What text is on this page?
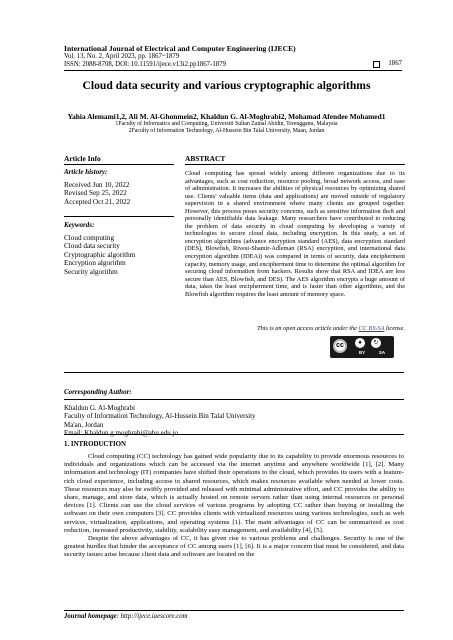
International Journal of Electrical and Computer Engineering (IJECE)
Vol. 13, No. 2, April 2023, pp. 1867~1879
ISSN: 2088-8708, DOI: 10.11591/ijece.v13i2.pp1867-1879	1867
Cloud data security and various cryptographic algorithms
Yahia Alemami1,2, Ali M. Al-Ghonmein2, Khaldun G. Al-Moghrabi2, Mohamad Afendee Mohamed1
1Faculty of Informatics and Computing, Universiti Sultan Zainal Abidin, Terengganu, Malaysia
2Faculty of Information Technology, Al-Hussein Bin Talal University, Maan, Jordan
Article Info
Article history:
Received Jun 10, 2022
Revised Sep 25, 2022
Accepted Oct 21, 2022
Keywords:
Cloud computing
Cloud data security
Cryptographic algorithm
Encryption algorithm
Security algorithm
ABSTRACT
Cloud computing has spread widely among different organizations due to its advantages, such as cost reduction, resource pooling, broad network access, and ease of administration. It increases the abilities of physical resources by optimizing shared use. Clients' valuable items (data and applications) are moved outside of regulatory supervision in a shared environment where many clients are grouped together. However, this process poses security concerns, such as sensitive information theft and personally identifiable data leakage. Many researchers have contributed to reducing the problem of data security in cloud computing by developing a variety of technologies to secure cloud data, including encryption. In this study, a set of encryption algorithms (advance encryption standard (AES), data encryption standard (DES), Blowfish, Rivest-Shamir-Adleman (RSA) encryption, and international data encryption algorithm (IDEA)) was compared in terms of security, data encipherment capacity, memory usage, and encipherment time to determine the optimal algorithm for securing cloud information from hackers. Results show that RSA and IDEA are less secure than AES, Blowfish, and DES). The AES algorithm encrypts a huge amount of data, takes the least encipherment time, and is faster than other algorithms, and the Blowfish algorithm requires the least amount of memory space.
This is an open access article under the CC BY-SA license.
cc	●	↻
BY	SA
Corresponding Author:
Khaldun G. Al-Moghrabi
Faculty of Information Technology, Al-Hussein Bin Talal University
Ma'an, Jordan
Email: Khaldun.g.moghrabi@ahu.edu.jo
1. INTRODUCTION

Cloud computing (CC) technology has gained wide popularity due to its capability to provide enormous resources to individuals and organizations which can be accessed via the internet anytime and anywhere worldwide [1], [2]. Many information and technology (IT) companies have shifted their operations to the cloud, which provides its users with a feature-rich cloud experience, including access to shared resources, which makes resources available when needed at lower costs. These resources may also be swiftly provided and released with minimal administrative effort, and CC provides the ability to share, manage, and store data, which is actually hosted on remote servers rather than using internal resources or personal devices [1]. Clients can use the cloud services of various programs by adopting CC rather than buying or installing the software on their own computers [3]. CC provides clients with virtualized resources using various technologies, such as web services, virtualization, applications, and operating systems [1]. The main advantages of CC can be summarized as cost reduction, increased productivity, stability, scalability easy management, and availability [4], [5].

Despite the above advantages of CC, it has given rise to various problems and challenges. Security is one of the greatest hurdles that hinder the acceptance of CC among users [1], [6]. It is a major concern that must be considered, and data security issues arise because client data and software are located on the

Journal homepage: http://ijece.iaescore.com
